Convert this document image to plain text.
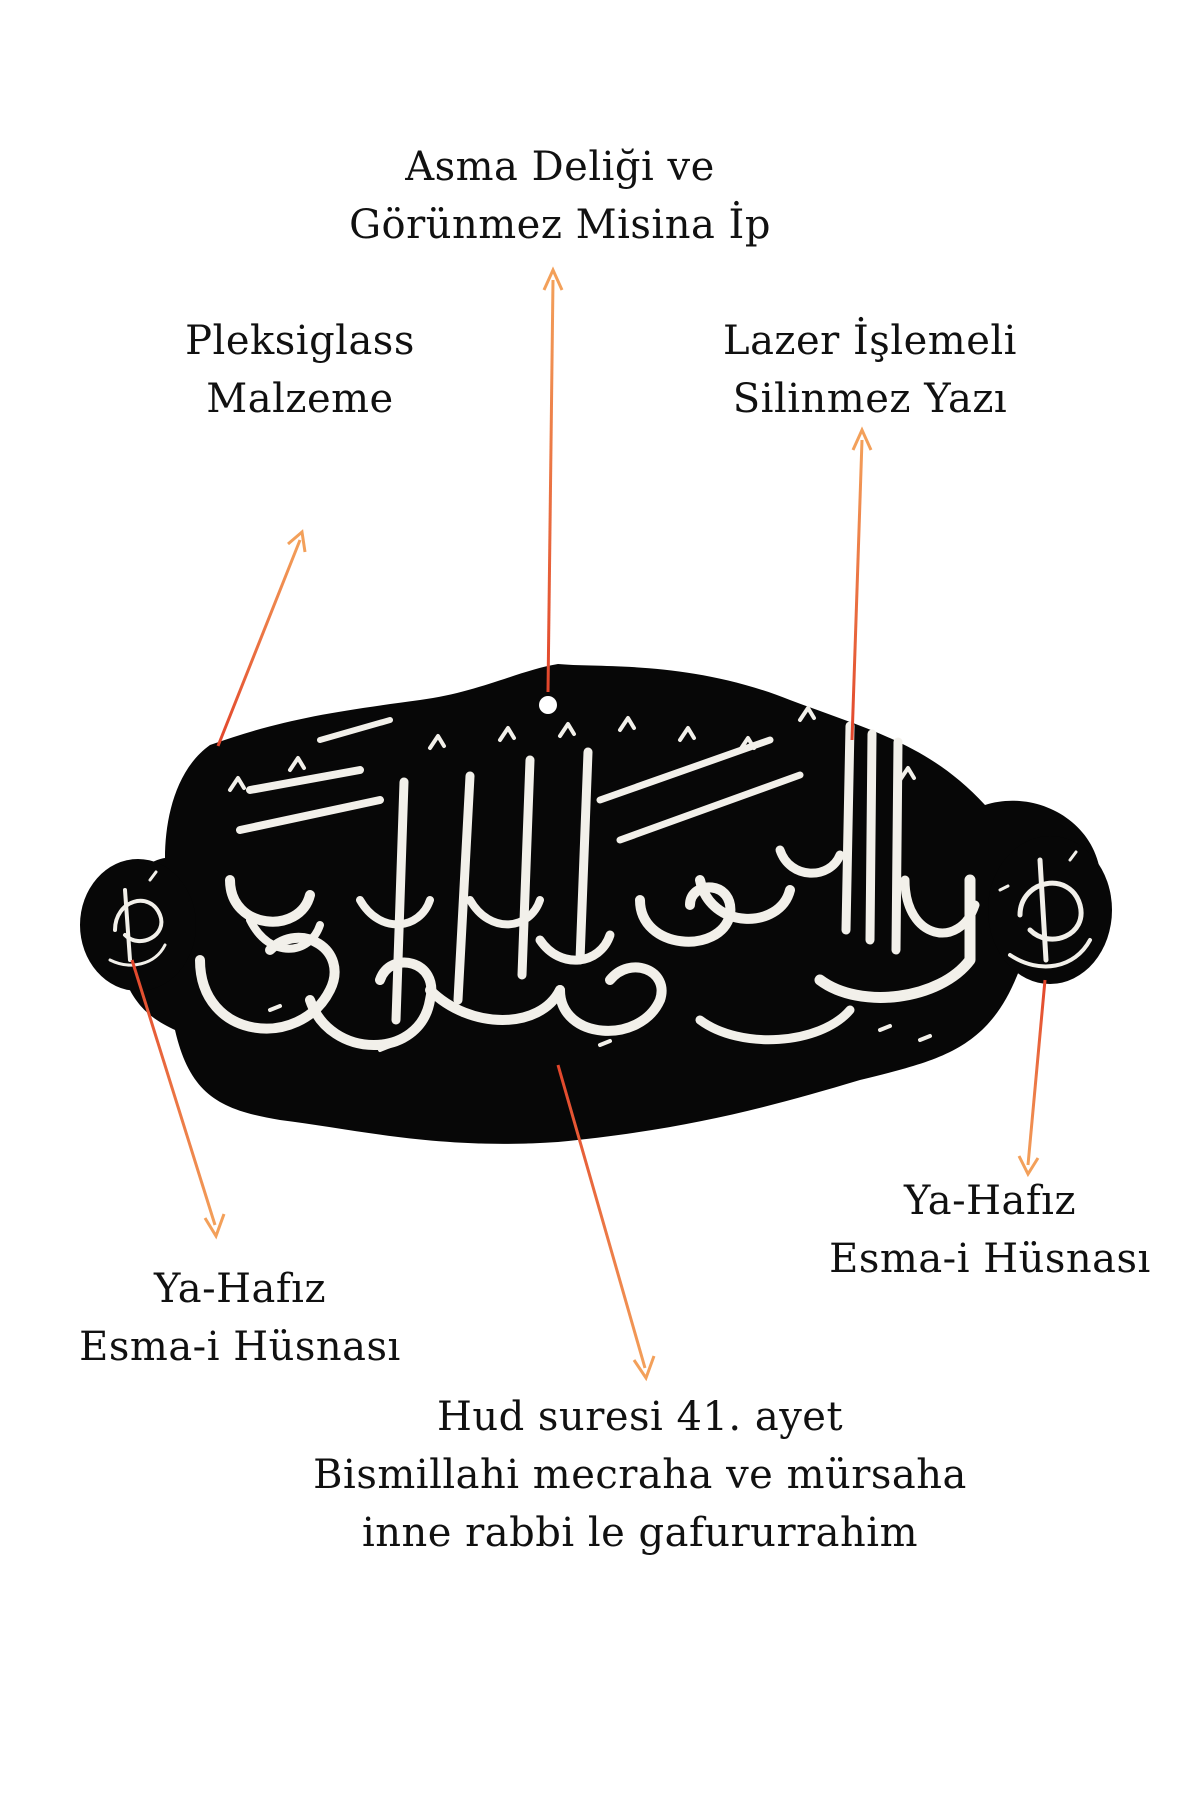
Asma Deliği ve
Görünmez Misina İp
Pleksiglass
Malzeme
Lazer İşlemeli
Silinmez Yazı
Ya-Hafız
Esma-i Hüsnası
Ya-Hafız
Esma-i Hüsnası
Hud suresi 41. ayet
Bismillahi mecraha ve mürsaha
inne rabbi le gafururrahim
